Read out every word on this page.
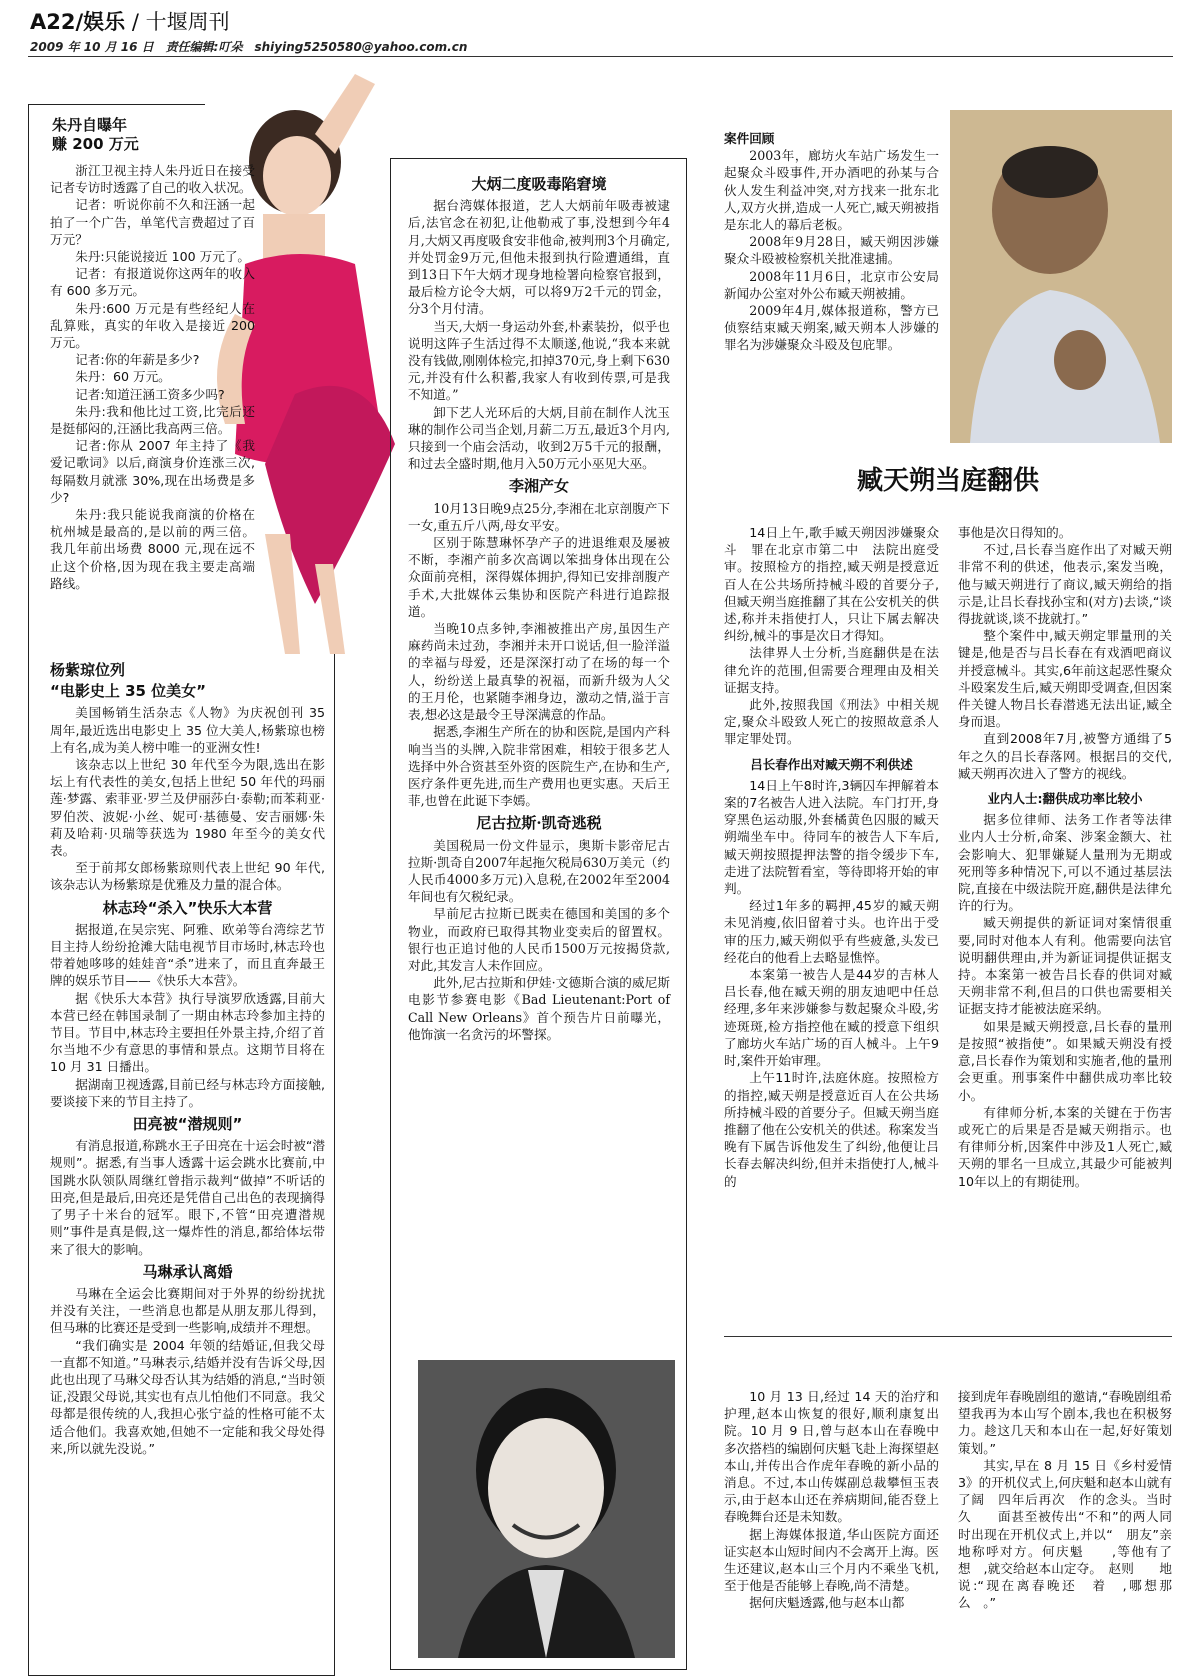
A22/娱乐 / 十堰周刊
2009 年 10 月 16 日　责任编辑:叮朵　shiying5250580@yahoo.com.cn
朱丹自曝年
赚 200 万元

浙江卫视主持人朱丹近日在接受记者专访时透露了自己的收入状况。

记者：听说你前不久和汪涵一起拍了一个广告，单笔代言费超过了百万元？

朱丹:只能说接近 100 万元了。

记者：有报道说你这两年的收入有 600 多万元。

朱丹:600 万元是有些经纪人在乱算账，真实的年收入是接近 200 万元。

记者:你的年薪是多少?

朱丹：60 万元。

记者:知道汪涵工资多少吗?

朱丹:我和他比过工资,比完后还是挺郁闷的,汪涵比我高两三倍。

记者:你从 2007 年主持了《我爱记歌词》以后,商演身价连涨三次,每隔数月就涨 30%,现在出场费是多少?

朱丹:我只能说我商演的价格在杭州城是最高的,是以前的两三倍。我几年前出场费 8000 元,现在远不止这个价格,因为现在我主要走高端路线。

杨紫琼位列
“电影史上 35 位美女”

美国畅销生活杂志《人物》为庆祝创刊 35 周年,最近选出电影史上 35 位大美人,杨紫琼也榜上有名,成为美人榜中唯一的亚洲女性!

该杂志以上世纪 30 年代至今为限,选出在影坛上有代表性的美女,包括上世纪 50 年代的玛丽莲·梦露、索菲亚·罗兰及伊丽莎白·泰勒;而苯莉亚·罗伯茨、波妮·小丝、妮可·基德曼、安吉丽娜·朱莉及哈莉·贝瑞等获选为 1980 年至今的美女代表。

至于前邦女郎杨紫琼则代表上世纪 90 年代,该杂志认为杨紫琼是优雅及力量的混合体。

林志玲“杀入”快乐大本营

据报道,在吴宗宪、阿雅、欧弟等台湾综艺节目主持人纷纷抢滩大陆电视节目市场时,林志玲也带着她哆哆的娃娃音“杀”进来了，而且直奔最王牌的娱乐节目——《快乐大本营》。

据《快乐大本营》执行导演罗欣透露,目前大本营已经在韩国录制了一期由林志玲参加主持的节目。节目中,林志玲主要担任外景主持,介绍了首尔当地不少有意思的事情和景点。这期节目将在 10 月 31 日播出。

据湖南卫视透露,目前已经与林志玲方面接触,要谈接下来的节目主持了。

田亮被“潜规则”

有消息报道,称跳水王子田亮在十运会时被“潜规则”。据悉,有当事人透露十运会跳水比赛前,中国跳水队领队周继红曾指示裁判“做掉”不听话的田亮,但是最后,田亮还是凭借自己出色的表现摘得了男子十米台的冠军。眼下,不管“田亮遭潜规则”事件是真是假,这一爆炸性的消息,都给体坛带来了很大的影响。

马琳承认离婚

马琳在全运会比赛期间对于外界的纷纷扰扰并没有关注，一些消息也都是从朋友那儿得到，但马琳的比赛还是受到一些影响,成绩并不理想。

“我们确实是 2004 年领的结婚证,但我父母一直都不知道。”马琳表示,结婚并没有告诉父母,因此也出现了马琳父母否认其为结婚的消息,“当时领证,没跟父母说,其实也有点儿怕他们不同意。我父母都是很传统的人,我担心张宁益的性格可能不太适合他们。我喜欢她,但她不一定能和我父母处得来,所以就先没说。”

大炳二度吸毒陷窘境

据台湾媒体报道，艺人大炳前年吸毒被逮后,法官念在初犯,让他勒戒了事,没想到今年4月,大炳又再度吸食安非他命,被判刑3个月确定,并处罚金9万元,但他未报到执行险遭通缉，直到13日下午大炳才现身地检署向检察官报到，最后检方论令大炳，可以将9万2千元的罚金，分3个月付清。

当天,大炳一身运动外套,朴素装扮，似乎也说明这阵子生活过得不太顺遂,他说,“我本来就没有钱做,刚刚体检完,扣掉370元,身上剩下630元,并没有什么积蓄,我家人有收到传票,可是我不知道。”

卸下艺人光环后的大炳,目前在制作人沈玉琳的制作公司当企划,月薪二万五,最近3个月内,只接到一个庙会活动，收到2万5千元的报酬，和过去全盛时期,他月入50万元小巫见大巫。

李湘产女

10月13日晚9点25分,李湘在北京剖腹产下一女,重五斤八两,母女平安。

区别于陈慧琳怀孕产子的进退维艰及屡被不断，李湘产前多次高调以笨拙身体出现在公众面前亮相，深得媒体拥护,得知已安排剖腹产手术,大批媒体云集协和医院产科进行追踪报道。

当晚10点多钟,李湘被推出产房,虽因生产麻药尚未过劲，李湘并未开口说话,但一脸洋溢的幸福与母爱，还是深深打动了在场的每一个人，纷纷送上最真挚的祝福，而新升级为人父的王月伦，也紧随李湘身边，激动之情,溢于言表,想必这是最令王导深满意的作品。

据悉,李湘生产所在的协和医院,是国内产科响当当的头牌,入院非常困难，相较于很多艺人选择中外合资甚至外资的医院生产,在协和生产,医疗条件更先进,而生产费用也更实惠。天后王菲,也曾在此诞下李嫣。

尼古拉斯·凯奇逃税

美国税局一份文件显示，奥斯卡影帝尼古拉斯·凯奇自2007年起拖欠税局630万美元（约人民币4000多万元)入息税,在2002年至2004年间也有欠税纪录。

早前尼古拉斯已既卖在德国和美国的多个物业，而政府已取得其物业变卖后的留置权。银行也正追讨他的人民币1500万元按揭贷款,对此,其发言人未作回应。

此外,尼古拉斯和伊娃·文德斯合演的威尼斯电影节参赛电影《Bad Lieutenant:Port of Call New Orleans》首个预告片日前曝光，他饰演一名贪污的坏警探。

案件回顾

2003年，廊坊火车站广场发生一起聚众斗殴事件,开办酒吧的孙某与合伙人发生利益冲突,对方找来一批东北人,双方火拼,造成一人死亡,臧天朔被指是东北人的幕后老板。

2008年9月28日，臧天朔因涉嫌聚众斗殴被检察机关批准逮捕。

2008年11月6日，北京市公安局新闻办公室对外公布臧天朔被捕。

2009年4月,媒体报道称，警方已侦察结束臧天朔案,臧天朔本人涉嫌的罪名为涉嫌聚众斗殴及包庇罪。

臧天朔当庭翻供

14日上午,歌手臧天朔因涉嫌聚众斗　罪在北京市第二中　法院出庭受审。按照检方的指控,臧天朔是授意近百人在公共场所持械斗殴的首要分子,但臧天朔当庭推翻了其在公安机关的供述,称并未指使打人，只让下属去解决纠纷,械斗的事是次日才得知。

法律界人士分析,当庭翻供是在法律允许的范围,但需要合理理由及相关证据支持。

此外,按照我国《刑法》中相关规定,聚众斗殴致人死亡的按照故意杀人罪定罪处罚。

吕长春作出对臧天朔不利供述

14日上午8时许,3辆囚车押解着本案的7名被告人进入法院。车门打开,身穿黑色运动服,外套橘黄色囚服的臧天朔端坐车中。待同车的被告人下车后,臧天朔按照提押法警的指令缓步下车,走进了法院暂看室，等待即将开始的审判。

经过1年多的羁押,45岁的臧天朔未见消瘦,依旧留着寸头。也许出于受审的压力,臧天朔似乎有些疲惫,头发已经花白的他看上去略显憔悴。

本案第一被告人是44岁的吉林人吕长春,他在臧天朔的朋友迪吧中任总经理,多年来涉嫌参与数起聚众斗殴,劣迹斑斑,检方指控他在臧的授意下组织了廊坊火车站广场的百人械斗。上午9时,案件开始审理。

上午11时许,法庭休庭。按照检方的指控,臧天朔是授意近百人在公共场所持械斗殴的首要分子。但臧天朔当庭推翻了他在公安机关的供述。称案发当晚有下属告诉他发生了纠纷,他便让吕长春去解决纠纷,但并未指使打人,械斗的

事他是次日得知的。

不过,吕长春当庭作出了对臧天朔非常不利的供述，他表示,案发当晚，他与臧天朔进行了商议,臧天朔给的指示是,让吕长春找孙宝和(对方)去谈,“谈得拢就谈,谈不拢就打。”

整个案件中,臧天朔定罪量刑的关键是,他是否与吕长春在有戏酒吧商议并授意械斗。其实,6年前这起恶性聚众斗殴案发生后,臧天朔即受调查,但因案件关键人物吕长春潜逃无法出证,臧全身而退。

直到2008年7月,被警方通缉了5年之久的吕长春落网。根据吕的交代,臧天朔再次进入了警方的视线。

业内人士:翻供成功率比较小

据多位律师、法务工作者等法律业内人士分析,命案、涉案金额大、社会影响大、犯罪嫌疑人量刑为无期或死刑等多种情况下,可以不通过基层法院,直接在中级法院开庭,翻供是法律允许的行为。

臧天朔提供的新证词对案情很重要,同时对他本人有利。他需要向法官说明翻供理由,并为新证词提供证据支持。本案第一被告吕长春的供词对臧天朔非常不利,但吕的口供也需要相关证据支持才能被法庭采纳。

如果是臧天朔授意,吕长春的量刑是按照“被指使”。如果臧天朔没有授意,吕长春作为策划和实施者,他的量刑会更重。刑事案件中翻供成功率比较小。

有律师分析,本案的关键在于伤害或死亡的后果是否是臧天朔指示。也有律师分析,因案件中涉及1人死亡,臧天朔的罪名一旦成立,其最少可能被判10年以上的有期徒刑。

10 月 13 日,经过 14 天的治疗和护理,赵本山恢复的很好,顺利康复出院。10 月 9 日,曾与赵本山在春晚中多次搭档的编剧何庆魁飞赴上海探望赵本山,并传出合作虎年春晚的新小品的消息。不过,本山传媒副总裁攀恒玉表示,由于赵本山还在养病期间,能否登上春晚舞台还是未知数。

据上海媒体报道,华山医院方面还证实赵本山短时间内不会离开上海。医生还建议,赵本山三个月内不乘坐飞机,至于他是否能够上春晚,尚不清楚。

据何庆魁透露,他与赵本山都

接到虎年春晚剧组的邀请,“春晚剧组希望我再为本山写个剧本,我也在积极努力。趁这几天和本山在一起,好好策划策划。”

其实,早在 8 月 15 日《乡村爱情 3》的开机仪式上,何庆魁和赵本山就有了阔　四年后再次　作的念头。当时久　　面甚至被传出“不和”的两人同时出现在开机仪式上,并以“　朋友”亲　地称呼对方。何庆魁　　,等他有了想　,就交给赵本山定夺。　赵则　　地说:“现在离春晚还　着　,哪想那么　。”
